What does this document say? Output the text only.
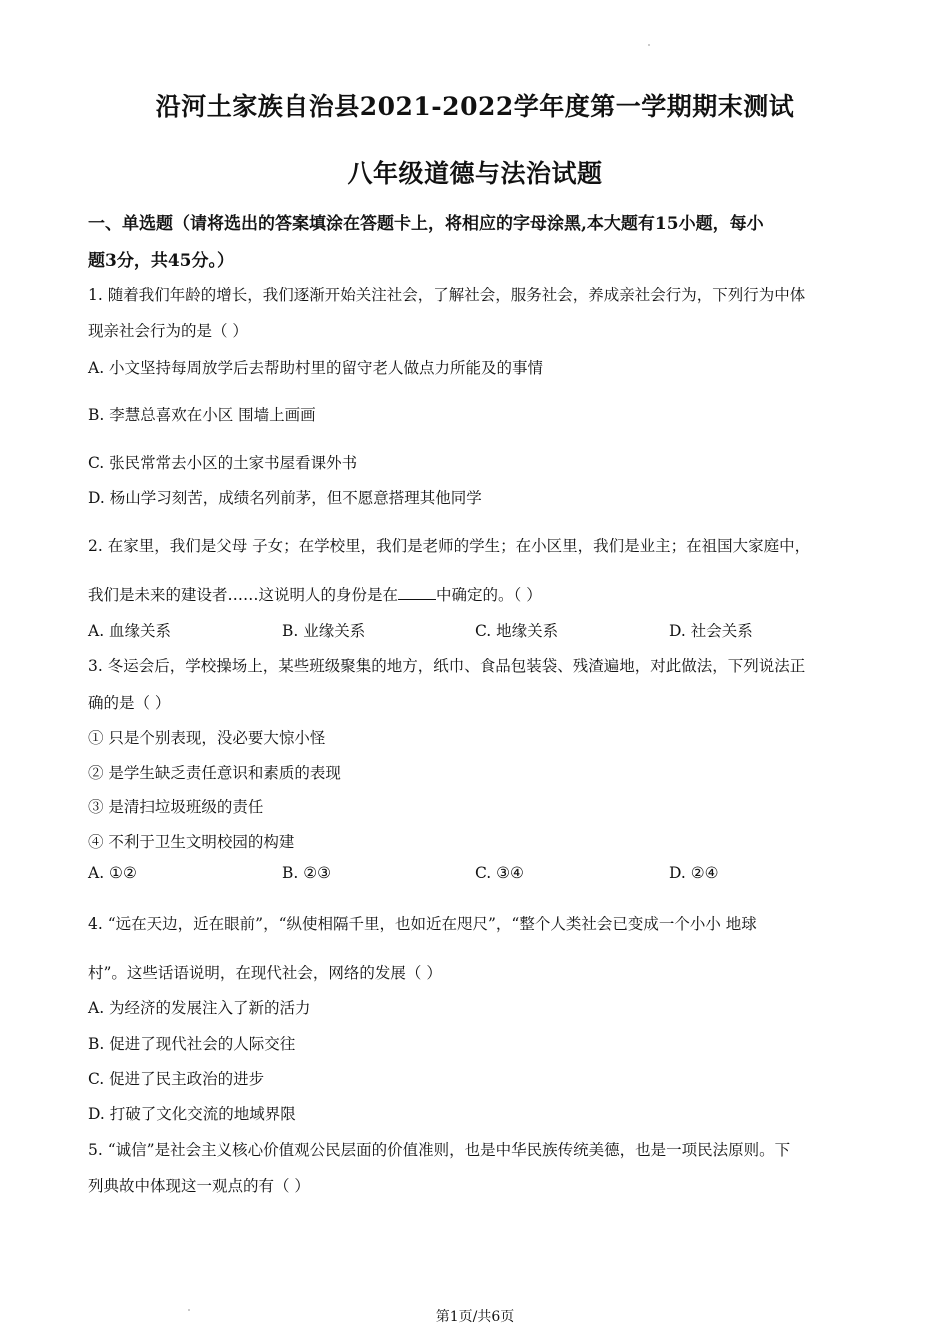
沿河土家族自治县2021-2022学年度第一学期期末测试
八年级道德与法治试题
一、单选题（请将选出的答案填涂在答题卡上，将相应的字母涂黑,本大题有15小题，每小
题3分，共45分。）
1. 随着我们年龄的增长，我们逐渐开始关注社会，了解社会，服务社会，养成亲社会行为，下列行为中体
现亲社会行为的是（ ）
A. 小文坚持每周放学后去帮助村里的留守老人做点力所能及的事情
B. 李慧总喜欢在小区 围墙上画画
C. 张民常常去小区的土家书屋看课外书
D. 杨山学习刻苦，成绩名列前茅，但不愿意搭理其他同学
2. 在家里，我们是父母 子女；在学校里，我们是老师的学生；在小区里，我们是业主；在祖国大家庭中，
我们是未来的建设者……这说明人的身份是在 中确定的。（ ）
A. 血缘关系	B. 业缘关系	C. 地缘关系	D. 社会关系
3. 冬运会后，学校操场上，某些班级聚集的地方，纸巾、食品包装袋、残渣遍地，对此做法，下列说法正
确的是（ ）
① 只是个别表现，没必要大惊小怪
② 是学生缺乏责任意识和素质的表现
③ 是清扫垃圾班级的责任
④ 不利于卫生文明校园的构建
A. ①②	B. ②③	C. ③④	D. ②④
4. “远在天边，近在眼前”，“纵使相隔千里，也如近在咫尺”，“整个人类社会已变成一个小小 地球
村”。这些话语说明，在现代社会，网络的发展（ ）
A. 为经济的发展注入了新的活力
B. 促进了现代社会的人际交往
C. 促进了民主政治的进步
D. 打破了文化交流的地域界限
5. “诚信”是社会主义核心价值观公民层面的价值准则，也是中华民族传统美德，也是一项民法原则。下
列典故中体现这一观点的有（ ）
第1页/共6页
